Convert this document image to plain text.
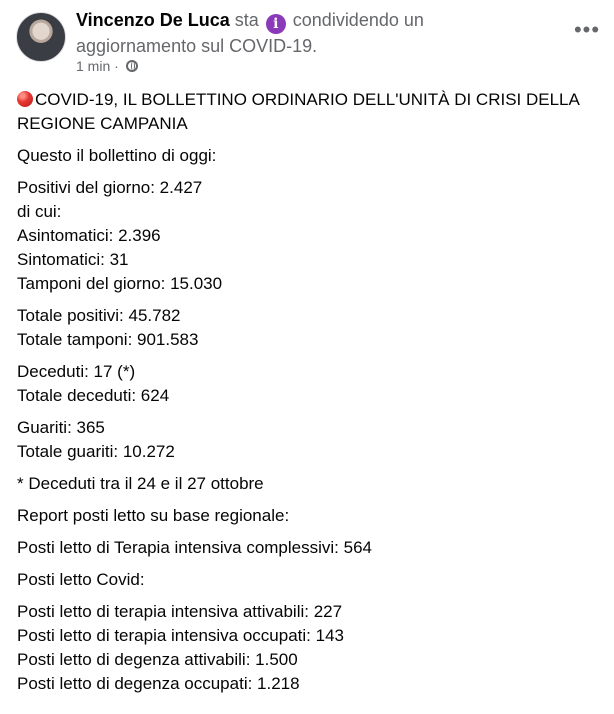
Vincenzo De Luca sta i condividendo un aggiornamento sul COVID-19.
1 min ·
•••
COVID-19, IL BOLLETTINO ORDINARIO DELL'UNITÀ DI CRISI DELLA REGIONE CAMPANIA
Questo il bollettino di oggi:
Positivi del giorno: 2.427
di cui:
Asintomatici: 2.396
Sintomatici: 31
Tamponi del giorno: 15.030
Totale positivi: 45.782
Totale tamponi: 901.583
Deceduti: 17 (*)
Totale deceduti: 624
Guariti: 365
Totale guariti: 10.272
* Deceduti tra il 24 e il 27 ottobre
Report posti letto su base regionale:
Posti letto di Terapia intensiva complessivi: 564
Posti letto Covid:
Posti letto di terapia intensiva attivabili: 227
Posti letto di terapia intensiva occupati: 143
Posti letto di degenza attivabili: 1.500
Posti letto di degenza occupati: 1.218
